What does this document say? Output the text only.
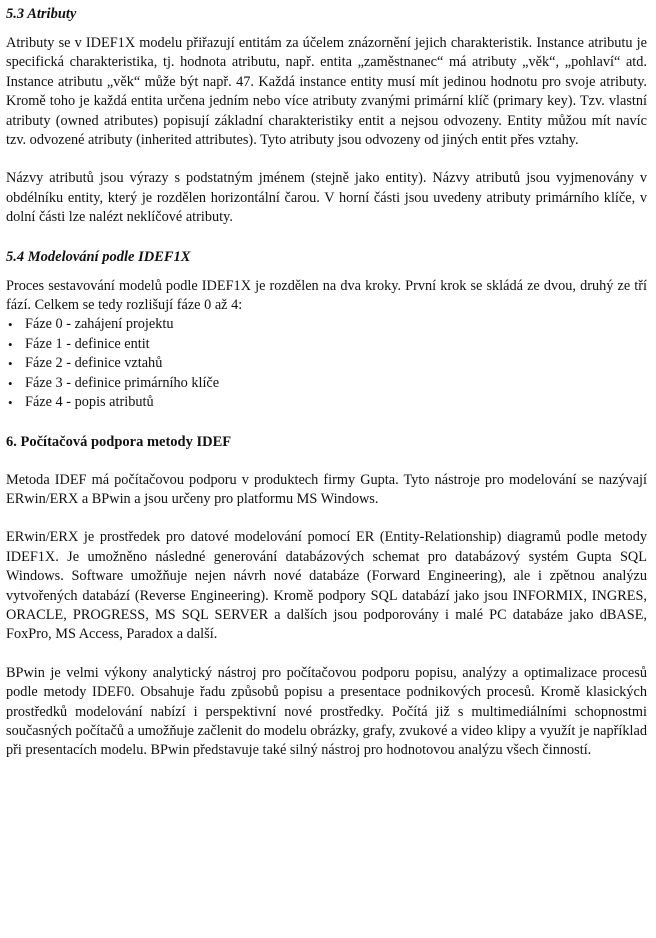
5.3 Atributy

Atributy se v IDEF1X modelu přiřazují entitám za účelem znázornění jejich charakteristik. Instance atributu je specifická charakteristika, tj. hodnota atributu, např. entita „zaměstnanec“ má atributy „věk“, „pohlaví“ atd. Instance atributu „věk“ může být např. 47. Každá instance entity musí mít jedinou hodnotu pro svoje atributy. Kromě toho je každá entita určena jedním nebo více atributy zvanými primární klíč (primary key). Tzv. vlastní atributy (owned atributes) popisují základní charakteristiky entit a nejsou odvozeny. Entity můžou mít navíc tzv. odvozené atributy (inherited attributes). Tyto atributy jsou odvozeny od jiných entit přes vztahy.

Názvy atributů jsou výrazy s podstatným jménem (stejně jako entity). Názvy atributů jsou vyjmenovány v obdélníku entity, který je rozdělen horizontální čarou. V horní části jsou uvedeny atributy primárního klíče, v dolní části lze nalézt neklíčové atributy.

5.4 Modelování podle IDEF1X

Proces sestavování modelů podle IDEF1X je rozdělen na dva kroky. První krok se skládá ze dvou, druhý ze tří fází. Celkem se tedy rozlišují fáze 0 až 4:

• Fáze 0 - zahájení projektu
• Fáze 1 - definice entit
• Fáze 2 - definice vztahů
• Fáze 3 - definice primárního klíče
• Fáze 4 - popis atributů
6. Počítačová podpora metody IDEF

Metoda IDEF má počítačovou podporu v produktech firmy Gupta. Tyto nástroje pro modelování se nazývají ERwin/ERX a BPwin a jsou určeny pro platformu MS Windows.

ERwin/ERX je prostředek pro datové modelování pomocí ER (Entity-Relationship) diagramů podle metody IDEF1X. Je umožněno následné generování databázových schemat pro databázový systém Gupta SQL Windows. Software umožňuje nejen návrh nové databáze (Forward Engineering), ale i zpětnou analýzu vytvořených databází (Reverse Engineering). Kromě podpory SQL databází jako jsou INFORMIX, INGRES, ORACLE, PROGRESS, MS SQL SERVER a dalších jsou podporovány i malé PC databáze jako dBASE, FoxPro, MS Access, Paradox a další.

BPwin je velmi výkony analytický nástroj pro počítačovou podporu popisu, analýzy a optimalizace procesů podle metody IDEF0. Obsahuje řadu způsobů popisu a presentace podnikových procesů. Kromě klasických prostředků modelování nabízí i perspektivní nové prostředky. Počítá již s multimediálními schopnostmi současných počítačů a umožňuje začlenit do modelu obrázky, grafy, zvukové a video klipy a využít je například při presentacích modelu. BPwin představuje také silný nástroj pro hodnotovou analýzu všech činností.
